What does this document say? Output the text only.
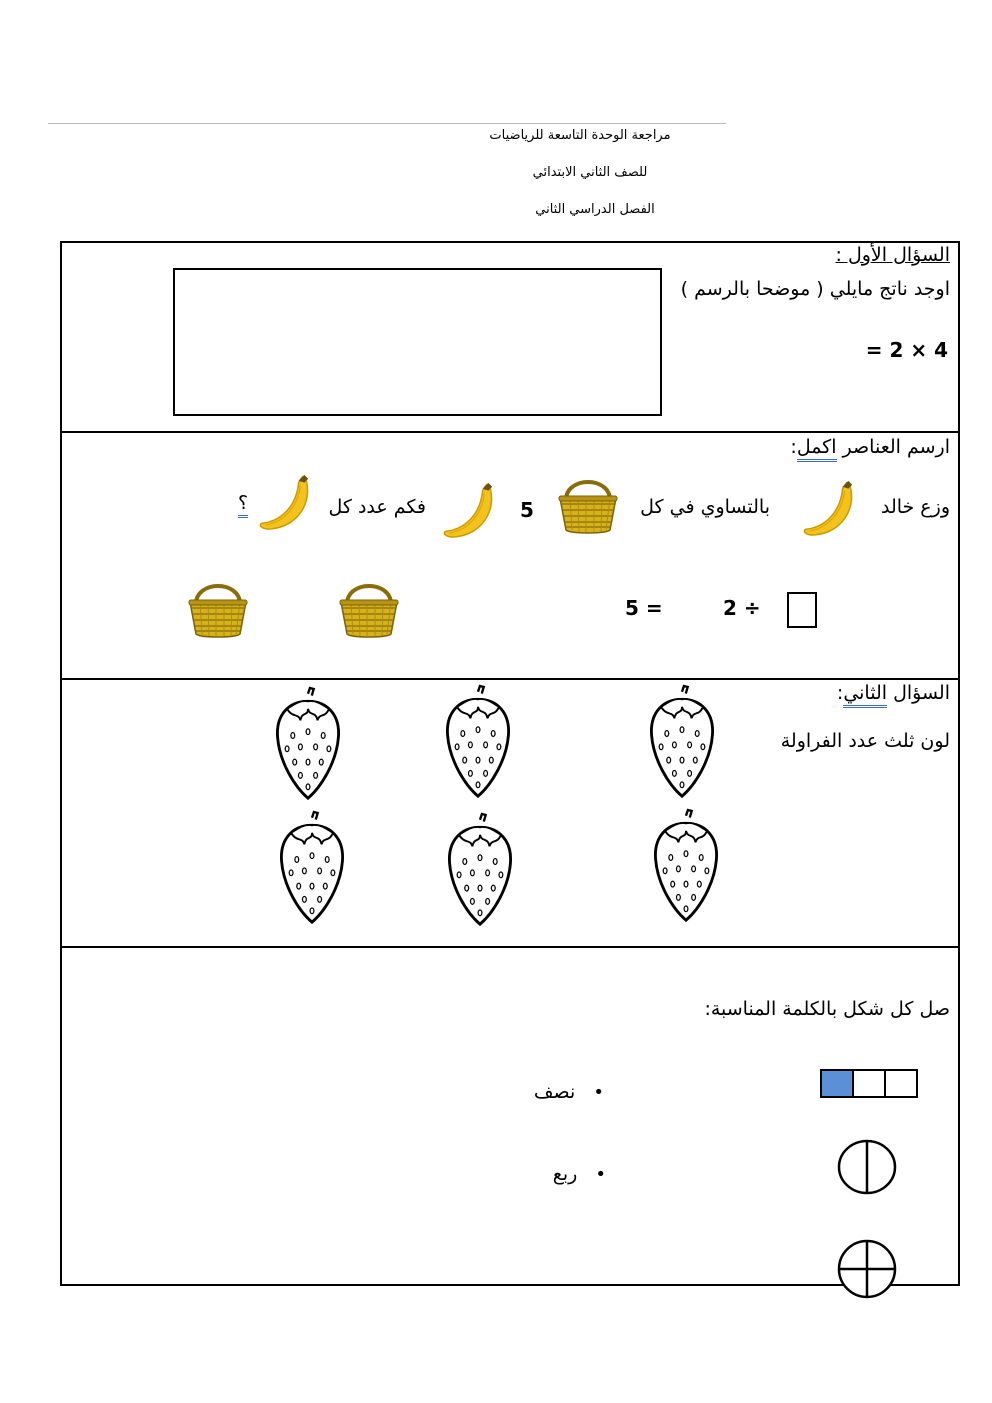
مراجعة الوحدة التاسعة للرياضيات
للصف الثاني الابتدائي
الفصل الدراسي الثاني
السؤال الأول :
اوجد ناتج مايلي ( موضحا بالرسم )
= 2 × 4
ارسم العناصر اكمل:
وزع خالد
بالتساوي في كل
5
فكم عدد كل
؟
÷ 2
= 5
السؤال الثاني:
لون ثلث عدد الفراولة
صل كل شكل بالكلمة المناسبة:
• نصف
• ربع
